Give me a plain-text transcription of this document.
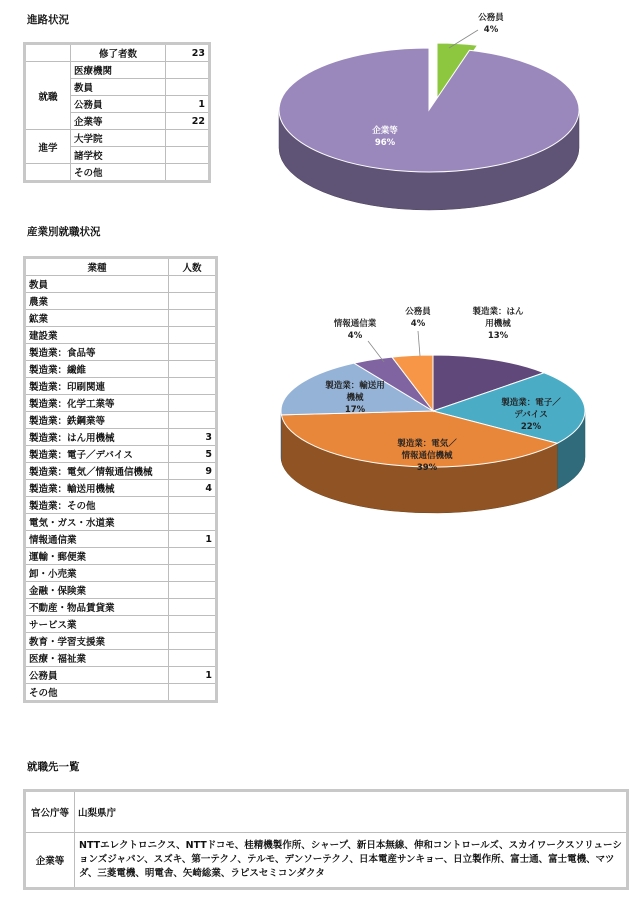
進路状況
	修了者数	23
就職	医療機関	
	教員	
	公務員	1
	企業等	22
進学	大学院	
	諸学校	
	その他	
産業別就職状況
業種	人数
教員	
農業	
鉱業	
建設業	
製造業：食品等	
製造業：繊維	
製造業：印刷関連	
製造業：化学工業等	
製造業：鉄鋼業等	
製造業：はん用機械	3
製造業：電子／デバイス	5
製造業：電気／情報通信機械	9
製造業：輸送用機械	4
製造業：その他	
電気・ガス・水道業	
情報通信業	1
運輸・郵便業	
卸・小売業	
金融・保険業	
不動産・物品賃貸業	
サービス業	
教育・学習支援業	
医療・福祉業	
公務員	1
その他	
就職先一覧
官公庁等	山梨県庁
企業等	NTTエレクトロニクス、NTTドコモ、桂精機製作所、シャープ、新日本無線、伸和コントロールズ、スカイワークスソリューションズジャパン、スズキ、第一テクノ、テルモ、デンソーテクノ、日本電産サンキョー、日立製作所、富士通、富士電機、マツダ、三菱電機、明電舎、矢崎総業、ラピスセミコンダクタ
公務員 4%
企業等 96%
製造業：はん用機械 13%
製造業：電子／デバイス 22%
製造業：電気／情報通信機械 39%
製造業：輸送用機械 17%
情報通信業 4%
公務員 4%
